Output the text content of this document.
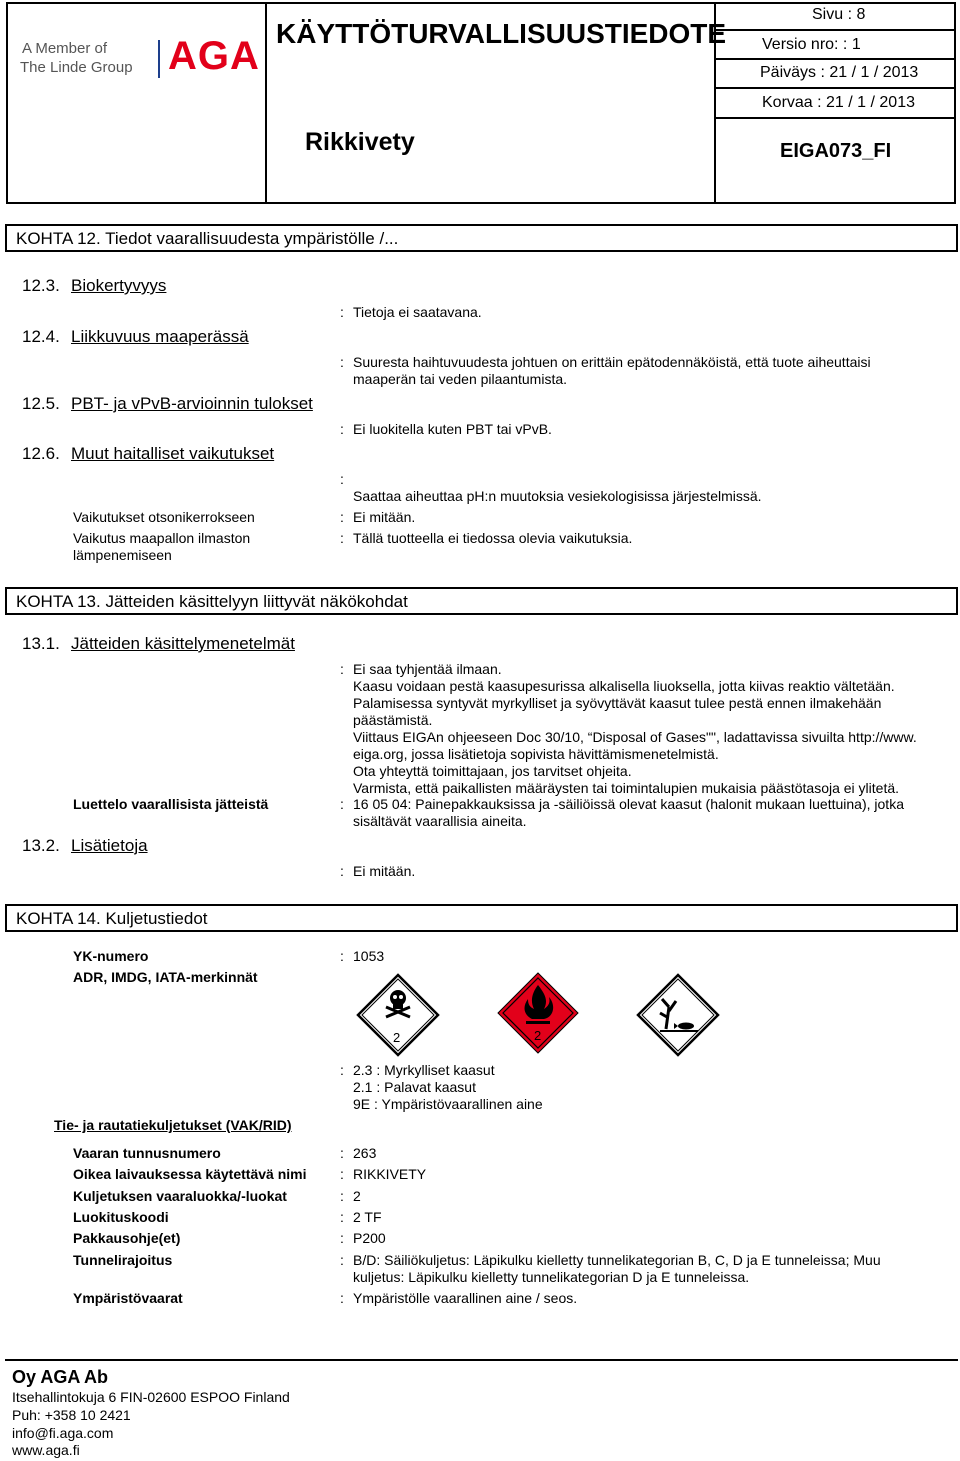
A Member of
The Linde Group AGA
KÄYTTÖTURVALLISUUSTIEDOTE
Rikkivety
Sivu : 8
Versio nro: : 1
Päiväys : 21 / 1 / 2013
Korvaa : 21 / 1 / 2013
EIGA073_FI
KOHTA 12. Tiedot vaarallisuudesta ympäristölle /...
12.3. Biokertyvyys
: Tietoja ei saatavana.
12.4. Liikkuvuus maaperässä
: Suuresta haihtuvuudesta johtuen on erittäin epätodennäköistä, että tuote aiheuttaisi
maaperän tai veden pilaantumista.
12.5. PBT- ja vPvB-arvioinnin tulokset
: Ei luokitella kuten PBT tai vPvB.
12.6. Muut haitalliset vaikutukset
:
Saattaa aiheuttaa pH:n muutoksia vesiekologisissa järjestelmissä.
Vaikutukset otsonikerrokseen	: Ei mitään.
Vaikutus maapallon ilmaston
lämpenemiseen
: Tällä tuotteella ei tiedossa olevia vaikutuksia.
KOHTA 13. Jätteiden käsittelyyn liittyvät näkökohdat
13.1. Jätteiden käsittelymenetelmät
: Ei saa tyhjentää ilmaan.
Kaasu voidaan pestä kaasupesurissa alkalisella liuoksella, jotta kiivas reaktio vältetään.
Palamisessa syntyvät myrkylliset ja syövyttävät kaasut tulee pestä ennen ilmakehään
päästämistä.
Viittaus EIGAn ohjeeseen Doc 30/10, “Disposal of Gases"", ladattavissa sivuilta http://www.
eiga.org, jossa lisätietoja sopivista hävittämismenetelmistä.
Ota yhteyttä toimittajaan, jos tarvitset ohjeita.
Varmista, että paikallisten määräysten tai toimintalupien mukaisia päästötasoja ei ylitetä.
Luettelo vaarallisista jätteistä	: 16 05 04: Painepakkauksissa ja -säiliöissä olevat kaasut (halonit mukaan luettuina), jotka
sisältävät vaarallisia aineita.
13.2. Lisätietoja
: Ei mitään.
KOHTA 14. Kuljetustiedot
YK-numero	: 1053
ADR, IMDG, IATA-merkinnät
2	2
: 2.3 : Myrkylliset kaasut
2.1 : Palavat kaasut
9E : Ympäristövaarallinen aine
Tie- ja rautatiekuljetukset (VAK/RID)
Vaaran tunnusnumero	: 263
Oikea laivauksessa käytettävä nimi : RIKKIVETY
Kuljetuksen vaaraluokka/-luokat	: 2
Luokituskoodi	: 2 TF
Pakkausohje(et)	: P200
Tunnelirajoitus	: B/D: Säiliökuljetus: Läpikulku kielletty tunnelikategorian B, C, D ja E tunneleissa; Muu
kuljetus: Läpikulku kielletty tunnelikategorian D ja E tunneleissa.
Ympäristövaarat	: Ympäristölle vaarallinen aine / seos.
Oy AGA Ab
Itsehallintokuja 6 FIN-02600 ESPOO Finland
Puh: +358 10 2421
info@fi.aga.com
www.aga.fi
